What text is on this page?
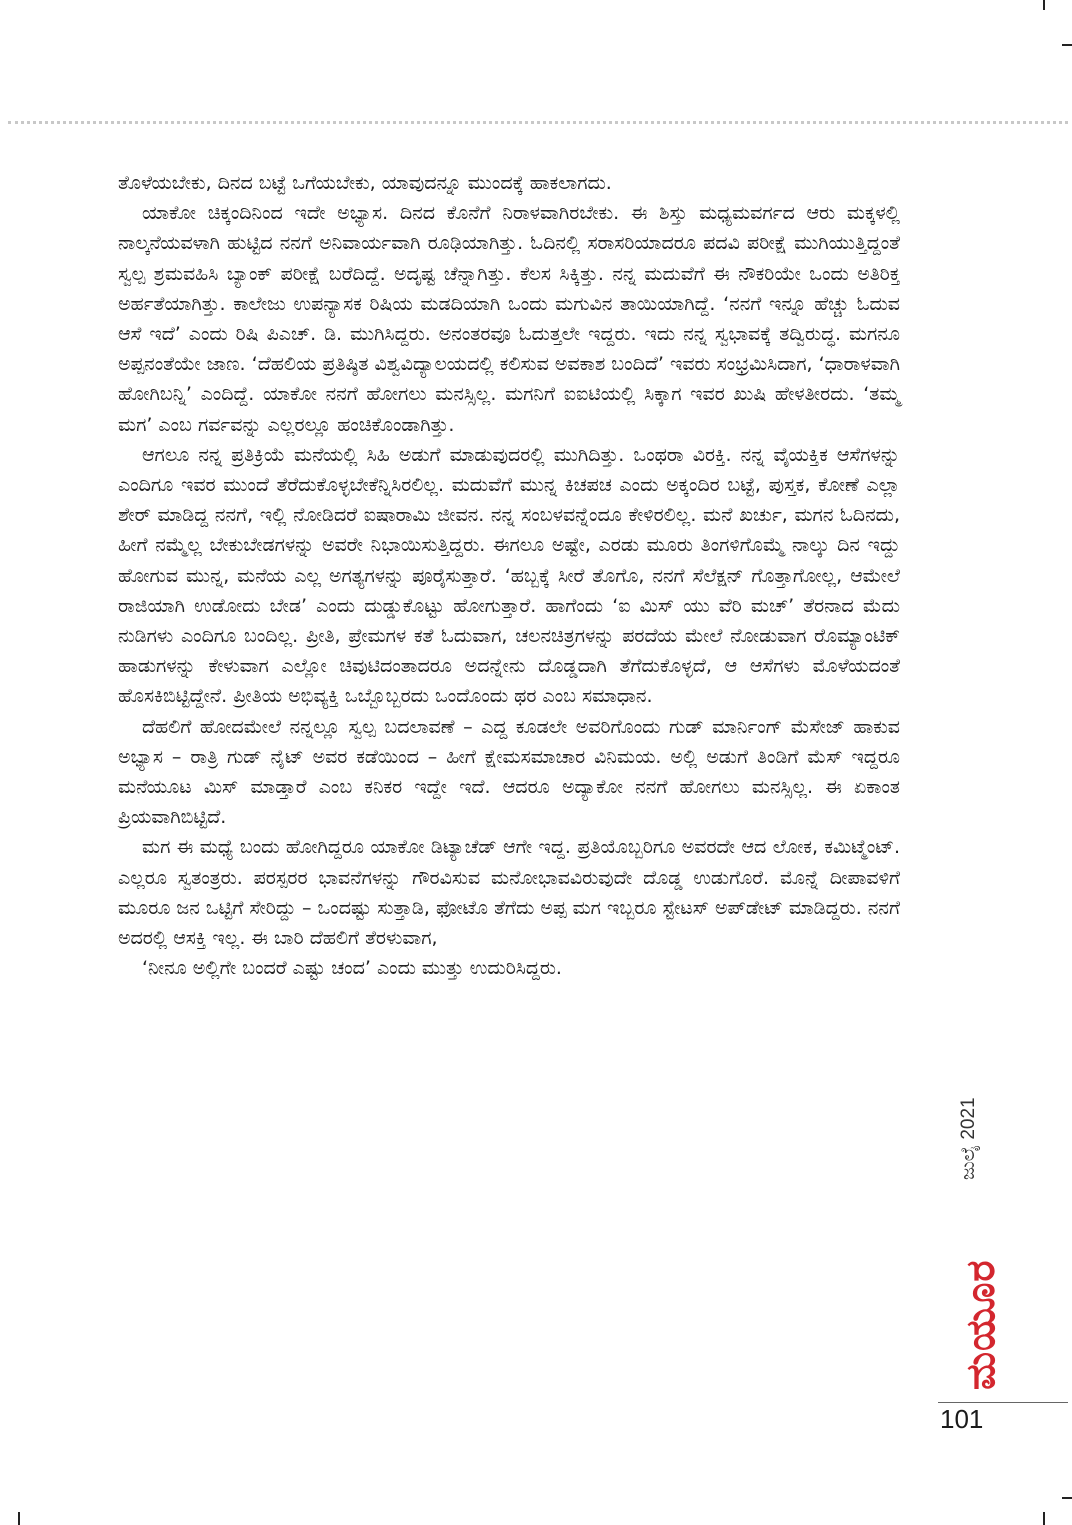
ತೊಳೆಯಬೇಕು, ದಿನದ ಬಟ್ಟೆ ಒಗೆಯಬೇಕು, ಯಾವುದನ್ನೂ ಮುಂದಕ್ಕೆ ಹಾಕಲಾಗದು.

ಯಾಕೋ ಚಿಕ್ಕಂದಿನಿಂದ ಇದೇ ಅಭ್ಯಾಸ. ದಿನದ ಕೊನೆಗೆ ನಿರಾಳವಾಗಿರಬೇಕು. ಈ ಶಿಸ್ತು ಮಧ್ಯಮವರ್ಗದ ಆರು ಮಕ್ಕಳಲ್ಲಿ ನಾಲ್ಕನೆಯವಳಾಗಿ ಹುಟ್ಟಿದ ನನಗೆ ಅನಿವಾರ್ಯವಾಗಿ ರೂಢಿಯಾಗಿತ್ತು. ಓದಿನಲ್ಲಿ ಸರಾಸರಿಯಾದರೂ ಪದವಿ ಪರೀಕ್ಷೆ ಮುಗಿಯುತ್ತಿದ್ದಂತೆ ಸ್ವಲ್ಪ ಶ್ರಮವಹಿಸಿ ಬ್ಯಾಂಕ್ ಪರೀಕ್ಷೆ ಬರೆದಿದ್ದೆ. ಅದೃಷ್ಟ ಚೆನ್ನಾಗಿತ್ತು. ಕೆಲಸ ಸಿಕ್ಕಿತ್ತು. ನನ್ನ ಮದುವೆಗೆ ಈ ನೌಕರಿಯೇ ಒಂದು ಅತಿರಿಕ್ತ ಅರ್ಹತೆಯಾಗಿತ್ತು. ಕಾಲೇಜು ಉಪನ್ಯಾಸಕ ರಿಷಿಯ ಮಡದಿಯಾಗಿ ಒಂದು ಮಗುವಿನ ತಾಯಿಯಾಗಿದ್ದೆ. ‘ನನಗೆ ಇನ್ನೂ ಹೆಚ್ಚು ಓದುವ ಆಸೆ ಇದೆ’ ಎಂದು ರಿಷಿ ಪಿಎಚ್. ಡಿ. ಮುಗಿಸಿದ್ದರು. ಅನಂತರವೂ ಓದುತ್ತಲೇ ಇದ್ದರು. ಇದು ನನ್ನ ಸ್ವಭಾವಕ್ಕೆ ತದ್ವಿರುದ್ಧ. ಮಗನೂ ಅಪ್ಪನಂತೆಯೇ ಜಾಣ. ‘ದೆಹಲಿಯ ಪ್ರತಿಷ್ಠಿತ ವಿಶ್ವವಿದ್ಯಾಲಯದಲ್ಲಿ ಕಲಿಸುವ ಅವಕಾಶ ಬಂದಿದೆ’ ಇವರು ಸಂಭ್ರಮಿಸಿದಾಗ, ‘ಧಾರಾಳವಾಗಿ ಹೋಗಿಬನ್ನಿ’ ಎಂದಿದ್ದೆ. ಯಾಕೋ ನನಗೆ ಹೋಗಲು ಮನಸ್ಸಿಲ್ಲ. ಮಗನಿಗೆ ಐಐಟಿಯಲ್ಲಿ ಸಿಕ್ಕಾಗ ಇವರ ಖುಷಿ ಹೇಳತೀರದು. ‘ತಮ್ಮ ಮಗ’ ಎಂಬ ಗರ್ವವನ್ನು ಎಲ್ಲರಲ್ಲೂ ಹಂಚಿಕೊಂಡಾಗಿತ್ತು.

ಆಗಲೂ ನನ್ನ ಪ್ರತಿಕ್ರಿಯೆ ಮನೆಯಲ್ಲಿ ಸಿಹಿ ಅಡುಗೆ ಮಾಡುವುದರಲ್ಲಿ ಮುಗಿದಿತ್ತು. ಒಂಥರಾ ವಿರಕ್ತಿ. ನನ್ನ ವೈಯಕ್ತಿಕ ಆಸೆಗಳನ್ನು ಎಂದಿಗೂ ಇವರ ಮುಂದೆ ತೆರೆದುಕೊಳ್ಳಬೇಕೆನ್ನಿಸಿರಲಿಲ್ಲ. ಮದುವೆಗೆ ಮುನ್ನ ಕಿಚಪಚ ಎಂದು ಅಕ್ಕಂದಿರ ಬಟ್ಟೆ, ಪುಸ್ತಕ, ಕೋಣೆ ಎಲ್ಲಾ ಶೇರ್ ಮಾಡಿದ್ದ ನನಗೆ, ಇಲ್ಲಿ ನೋಡಿದರೆ ಐಷಾರಾಮಿ ಜೀವನ. ನನ್ನ ಸಂಬಳವನ್ನೆಂದೂ ಕೇಳಿರಲಿಲ್ಲ. ಮನೆ ಖರ್ಚು, ಮಗನ ಓದಿನದು, ಹೀಗೆ ನಮ್ಮೆಲ್ಲ ಬೇಕುಬೇಡಗಳನ್ನು ಅವರೇ ನಿಭಾಯಿಸುತ್ತಿದ್ದರು. ಈಗಲೂ ಅಷ್ಟೇ, ಎರಡು ಮೂರು ತಿಂಗಳಿಗೊಮ್ಮೆ ನಾಲ್ಕು ದಿನ ಇದ್ದು ಹೋಗುವ ಮುನ್ನ, ಮನೆಯ ಎಲ್ಲ ಅಗತ್ಯಗಳನ್ನು ಪೂರೈಸುತ್ತಾರೆ. ‘ಹಬ್ಬಕ್ಕೆ ಸೀರೆ ತೊಗೊ, ನನಗೆ ಸೆಲೆಕ್ಷನ್ ಗೊತ್ತಾಗೋಲ್ಲ, ಆಮೇಲೆ ರಾಜಿಯಾಗಿ ಉಡೋದು ಬೇಡ’ ಎಂದು ದುಡ್ಡುಕೊಟ್ಟು ಹೋಗುತ್ತಾರೆ. ಹಾಗೆಂದು ‘ಐ ಮಿಸ್ ಯು ವೆರಿ ಮಚ್’ ತೆರನಾದ ಮೆದು ನುಡಿಗಳು ಎಂದಿಗೂ ಬಂದಿಲ್ಲ. ಪ್ರೀತಿ, ಪ್ರೇಮಗಳ ಕತೆ ಓದುವಾಗ, ಚಲನಚಿತ್ರಗಳನ್ನು ಪರದೆಯ ಮೇಲೆ ನೋಡುವಾಗ ರೊಮ್ಯಾಂಟಿಕ್ ಹಾಡುಗಳನ್ನು ಕೇಳುವಾಗ ಎಲ್ಲೋ ಚಿವುಟಿದಂತಾದರೂ ಅದನ್ನೇನು ದೊಡ್ಡದಾಗಿ ತೆಗೆದುಕೊಳ್ಳದೆ, ಆ ಆಸೆಗಳು ಮೊಳೆಯದಂತೆ ಹೊಸಕಿಬಿಟ್ಟಿದ್ದೇನೆ. ಪ್ರೀತಿಯ ಅಭಿವ್ಯಕ್ತಿ ಒಬ್ಬೊಬ್ಬರದು ಒಂದೊಂದು ಥರ ಎಂಬ ಸಮಾಧಾನ.

ದೆಹಲಿಗೆ ಹೋದಮೇಲೆ ನನ್ನಲ್ಲೂ ಸ್ವಲ್ಪ ಬದಲಾವಣೆ – ಎದ್ದ ಕೂಡಲೇ ಅವರಿಗೊಂದು ಗುಡ್ ಮಾರ್ನಿಂಗ್ ಮೆಸೇಜ್ ಹಾಕುವ ಅಭ್ಯಾಸ – ರಾತ್ರಿ ಗುಡ್ ನೈಟ್ ಅವರ ಕಡೆಯಿಂದ – ಹೀಗೆ ಕ್ಷೇಮಸಮಾಚಾರ ವಿನಿಮಯ. ಅಲ್ಲಿ ಅಡುಗೆ ತಿಂಡಿಗೆ ಮೆಸ್ ಇದ್ದರೂ ಮನೆಯೂಟ ಮಿಸ್ ಮಾಡ್ತಾರೆ ಎಂಬ ಕನಿಕರ ಇದ್ದೇ ಇದೆ. ಆದರೂ ಅದ್ಯಾಕೋ ನನಗೆ ಹೋಗಲು ಮನಸ್ಸಿಲ್ಲ. ಈ ಏಕಾಂತ ಪ್ರಿಯವಾಗಿಬಿಟ್ಟಿದೆ.

ಮಗ ಈ ಮಧ್ಯೆ ಬಂದು ಹೋಗಿದ್ದರೂ ಯಾಕೋ ಡಿಟ್ಯಾಚೆಡ್ ಆಗೇ ಇದ್ದ. ಪ್ರತಿಯೊಬ್ಬರಿಗೂ ಅವರದೇ ಆದ ಲೋಕ, ಕಮಿಟ್ಮೆಂಟ್. ಎಲ್ಲರೂ ಸ್ವತಂತ್ರರು. ಪರಸ್ಪರರ ಭಾವನೆಗಳನ್ನು ಗೌರವಿಸುವ ಮನೋಭಾವವಿರುವುದೇ ದೊಡ್ಡ ಉಡುಗೊರೆ. ಮೊನ್ನೆ ದೀಪಾವಳಿಗೆ ಮೂರೂ ಜನ ಒಟ್ಟಿಗೆ ಸೇರಿದ್ದು – ಒಂದಷ್ಟು ಸುತ್ತಾಡಿ, ಫೋಟೊ ತೆಗೆದು ಅಪ್ಪ ಮಗ ಇಬ್ಬರೂ ಸ್ಟೇಟಸ್ ಅಪ್‌ಡೇಟ್ ಮಾಡಿದ್ದರು. ನನಗೆ ಅದರಲ್ಲಿ ಆಸಕ್ತಿ ಇಲ್ಲ. ಈ ಬಾರಿ ದೆಹಲಿಗೆ ತೆರಳುವಾಗ,

‘ನೀನೂ ಅಲ್ಲಿಗೇ ಬಂದರೆ ಎಷ್ಟು ಚಂದ’ ಎಂದು ಮುತ್ತು ಉದುರಿಸಿದ್ದರು.

ಜುಲೈ 2021
ಮಯೂರ
101
